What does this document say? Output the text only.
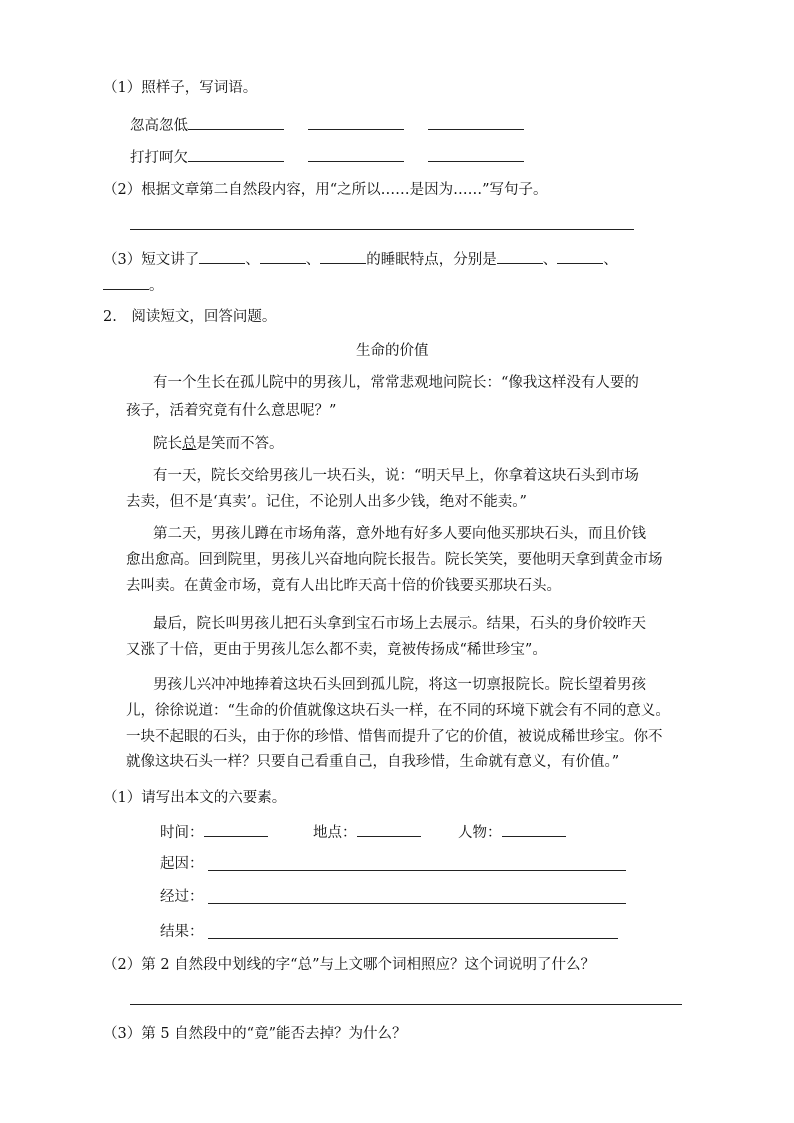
（1）照样子，写词语。
忽高忽低
打打呵欠
（2）根据文章第二自然段内容，用“之所以……是因为……”写句子。
（3）短文讲了	、	、	的睡眠特点，分别是	、	、
。
2.　阅读短文，回答问题。
生命的价值
有一个生长在孤儿院中的男孩儿，常常悲观地问院长：“像我这样没有人要的
孩子，活着究竟有什么意思呢？”
院长总是笑而不答。
有一天，院长交给男孩儿一块石头，说：“明天早上，你拿着这块石头到市场
去卖，但不是‘真卖’。记住，不论别人出多少钱，绝对不能卖。”
第二天，男孩儿蹲在市场角落，意外地有好多人要向他买那块石头，而且价钱
愈出愈高。回到院里，男孩儿兴奋地向院长报告。院长笑笑，要他明天拿到黄金市场
去叫卖。在黄金市场，竟有人出比昨天高十倍的价钱要买那块石头。
最后，院长叫男孩儿把石头拿到宝石市场上去展示。结果，石头的身价较昨天
又涨了十倍，更由于男孩儿怎么都不卖，竟被传扬成“稀世珍宝”。
男孩儿兴冲冲地捧着这块石头回到孤儿院，将这一切禀报院长。院长望着男孩
儿，徐徐说道：“生命的价值就像这块石头一样，在不同的环境下就会有不同的意义。
一块不起眼的石头，由于你的珍惜、惜售而提升了它的价值，被说成稀世珍宝。你不
就像这块石头一样？只要自己看重自己，自我珍惜，生命就有意义，有价值。”
（1）请写出本文的六要素。
时间：	地点：	人物：
起因：
经过：
结果：
（2）第 2 自然段中划线的字“总”与上文哪个词相照应？这个词说明了什么？
（3）第 5 自然段中的“竟”能否去掉？为什么？
